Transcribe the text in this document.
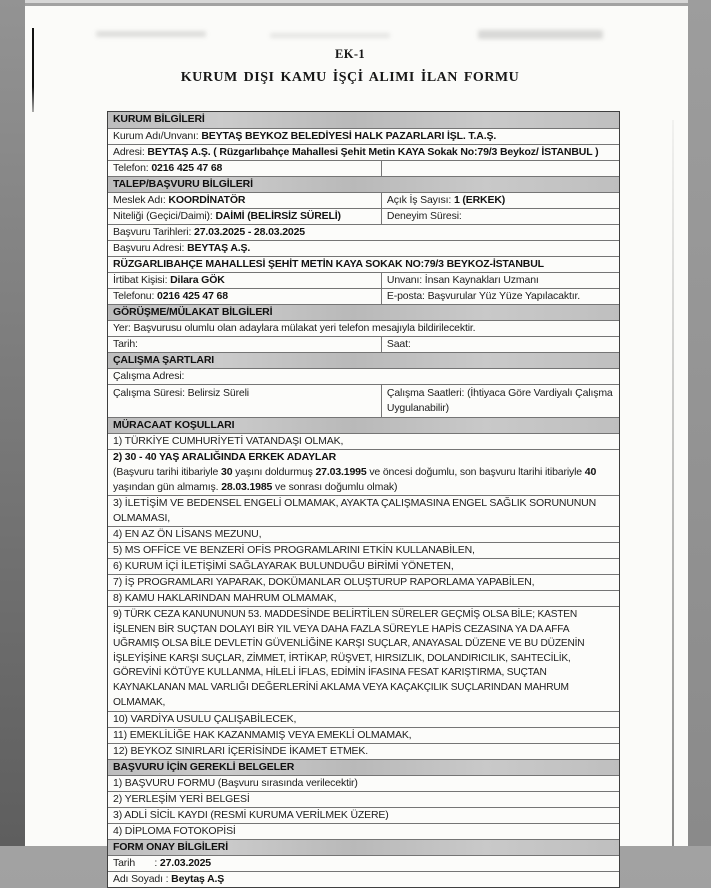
EK-1
KURUM DIŞI KAMU İŞÇİ ALIMI İLAN FORMU
KURUM BİLGİLERİ
Kurum Adı/Unvanı: BEYTAŞ BEYKOZ BELEDİYESİ HALK PAZARLARI İŞL. T.A.Ş.
Adresi: BEYTAŞ A.Ş. ( Rüzgarlıbahçe Mahallesi Şehit Metin KAYA Sokak No:79/3 Beykoz/ İSTANBUL )
Telefon: 0216 425 47 68
TALEP/BAŞVURU BİLGİLERİ
Meslek Adı: KOORDİNATÖR	Açık İş Sayısı: 1 (ERKEK)
Niteliği (Geçici/Daimi): DAİMİ (BELİRSİZ SÜRELİ)	Deneyim Süresi:
Başvuru Tarihleri: 27.03.2025 - 28.03.2025
Başvuru Adresi: BEYTAŞ A.Ş.
RÜZGARLIBAHÇE MAHALLESİ ŞEHİT METİN KAYA SOKAK NO:79/3 BEYKOZ-İSTANBUL
İrtibat Kişisi: Dilara GÖK	Unvanı: İnsan Kaynakları Uzmanı
Telefonu: 0216 425 47 68	E-posta: Başvurular Yüz Yüze Yapılacaktır.
GÖRÜŞME/MÜLAKAT BİLGİLERİ
Yer: Başvurusu olumlu olan adaylara mülakat yeri telefon mesajıyla bildirilecektir.
Tarih:	Saat:
ÇALIŞMA ŞARTLARI
Çalışma Adresi:
Çalışma Süresi: Belirsiz Süreli	Çalışma Saatleri: (İhtiyaca Göre Vardiyalı Çalışma Uygulanabilir)
MÜRACAAT KOŞULLARI
1) TÜRKİYE CUMHURİYETİ VATANDAŞI OLMAK,
2) 30 - 40 YAŞ ARALIĞINDA ERKEK ADAYLAR
(Başvuru tarihi itibariyle 30 yaşını doldurmuş 27.03.1995 ve öncesi doğumlu, son başvuru ltarihi itibariyle 40 yaşından gün almamış. 28.03.1985 ve sonrası doğumlu olmak)
3) İLETİŞİM VE BEDENSEL ENGELİ OLMAMAK, AYAKTA ÇALIŞMASINA ENGEL SAĞLIK SORUNUNUN OLMAMASI,
4) EN AZ ÖN LİSANS MEZUNU,
5) MS OFFİCE VE BENZERİ OFİS PROGRAMLARINI ETKİN KULLANABİLEN,
6) KURUM İÇİ İLETİŞİMİ SAĞLAYARAK BULUNDUĞU BİRİMİ YÖNETEN,
7) İŞ PROGRAMLARI YAPARAK, DOKÜMANLAR OLUŞTURUP RAPORLAMA YAPABİLEN,
8) KAMU HAKLARINDAN MAHRUM OLMAMAK,
9) TÜRK CEZA KANUNUNUN 53. MADDESİNDE BELİRTİLEN SÜRELER GEÇMİŞ OLSA BİLE; KASTEN İŞLENEN BİR SUÇTAN DOLAYI BİR YIL VEYA DAHA FAZLA SÜREYLE HAPİS CEZASINA YA DA AFFA UĞRAMIŞ OLSA BİLE DEVLETİN GÜVENLİĞİNE KARŞI SUÇLAR, ANAYASAL DÜZENE VE BU DÜZENİN İŞLEYİŞİNE KARŞI SUÇLAR, ZİMMET, İRTİKAP, RÜŞVET, HIRSIZLIK, DOLANDIRICILIK, SAHTECİLİK, GÖREVİNİ KÖTÜYE KULLANMA, HİLELİ İFLAS, EDİMİN İFASINA FESAT KARIŞTIRMA, SUÇTAN KAYNAKLANAN MAL VARLIĞI DEĞERLERİNİ AKLAMA VEYA KAÇAKÇILIK SUÇLARINDAN MAHRUM OLMAMAK,
10) VARDİYA USULU ÇALIŞABİLECEK,
11) EMEKLİLİĞE HAK KAZANMAMIŞ VEYA EMEKLİ OLMAMAK,
12) BEYKOZ SINIRLARI İÇERİSİNDE İKAMET ETMEK.
BAŞVURU İÇİN GEREKLİ BELGELER
1) BAŞVURU FORMU (Başvuru sırasında verilecektir)
2) YERLEŞİM YERİ BELGESİ
3) ADLİ SİCİL KAYDI (RESMİ KURUMA VERİLMEK ÜZERE)
4) DİPLOMA FOTOKOPİSİ
FORM ONAY BİLGİLERİ
Tarih       : 27.03.2025
Adı Soyadı : Beytaş A.Ş
